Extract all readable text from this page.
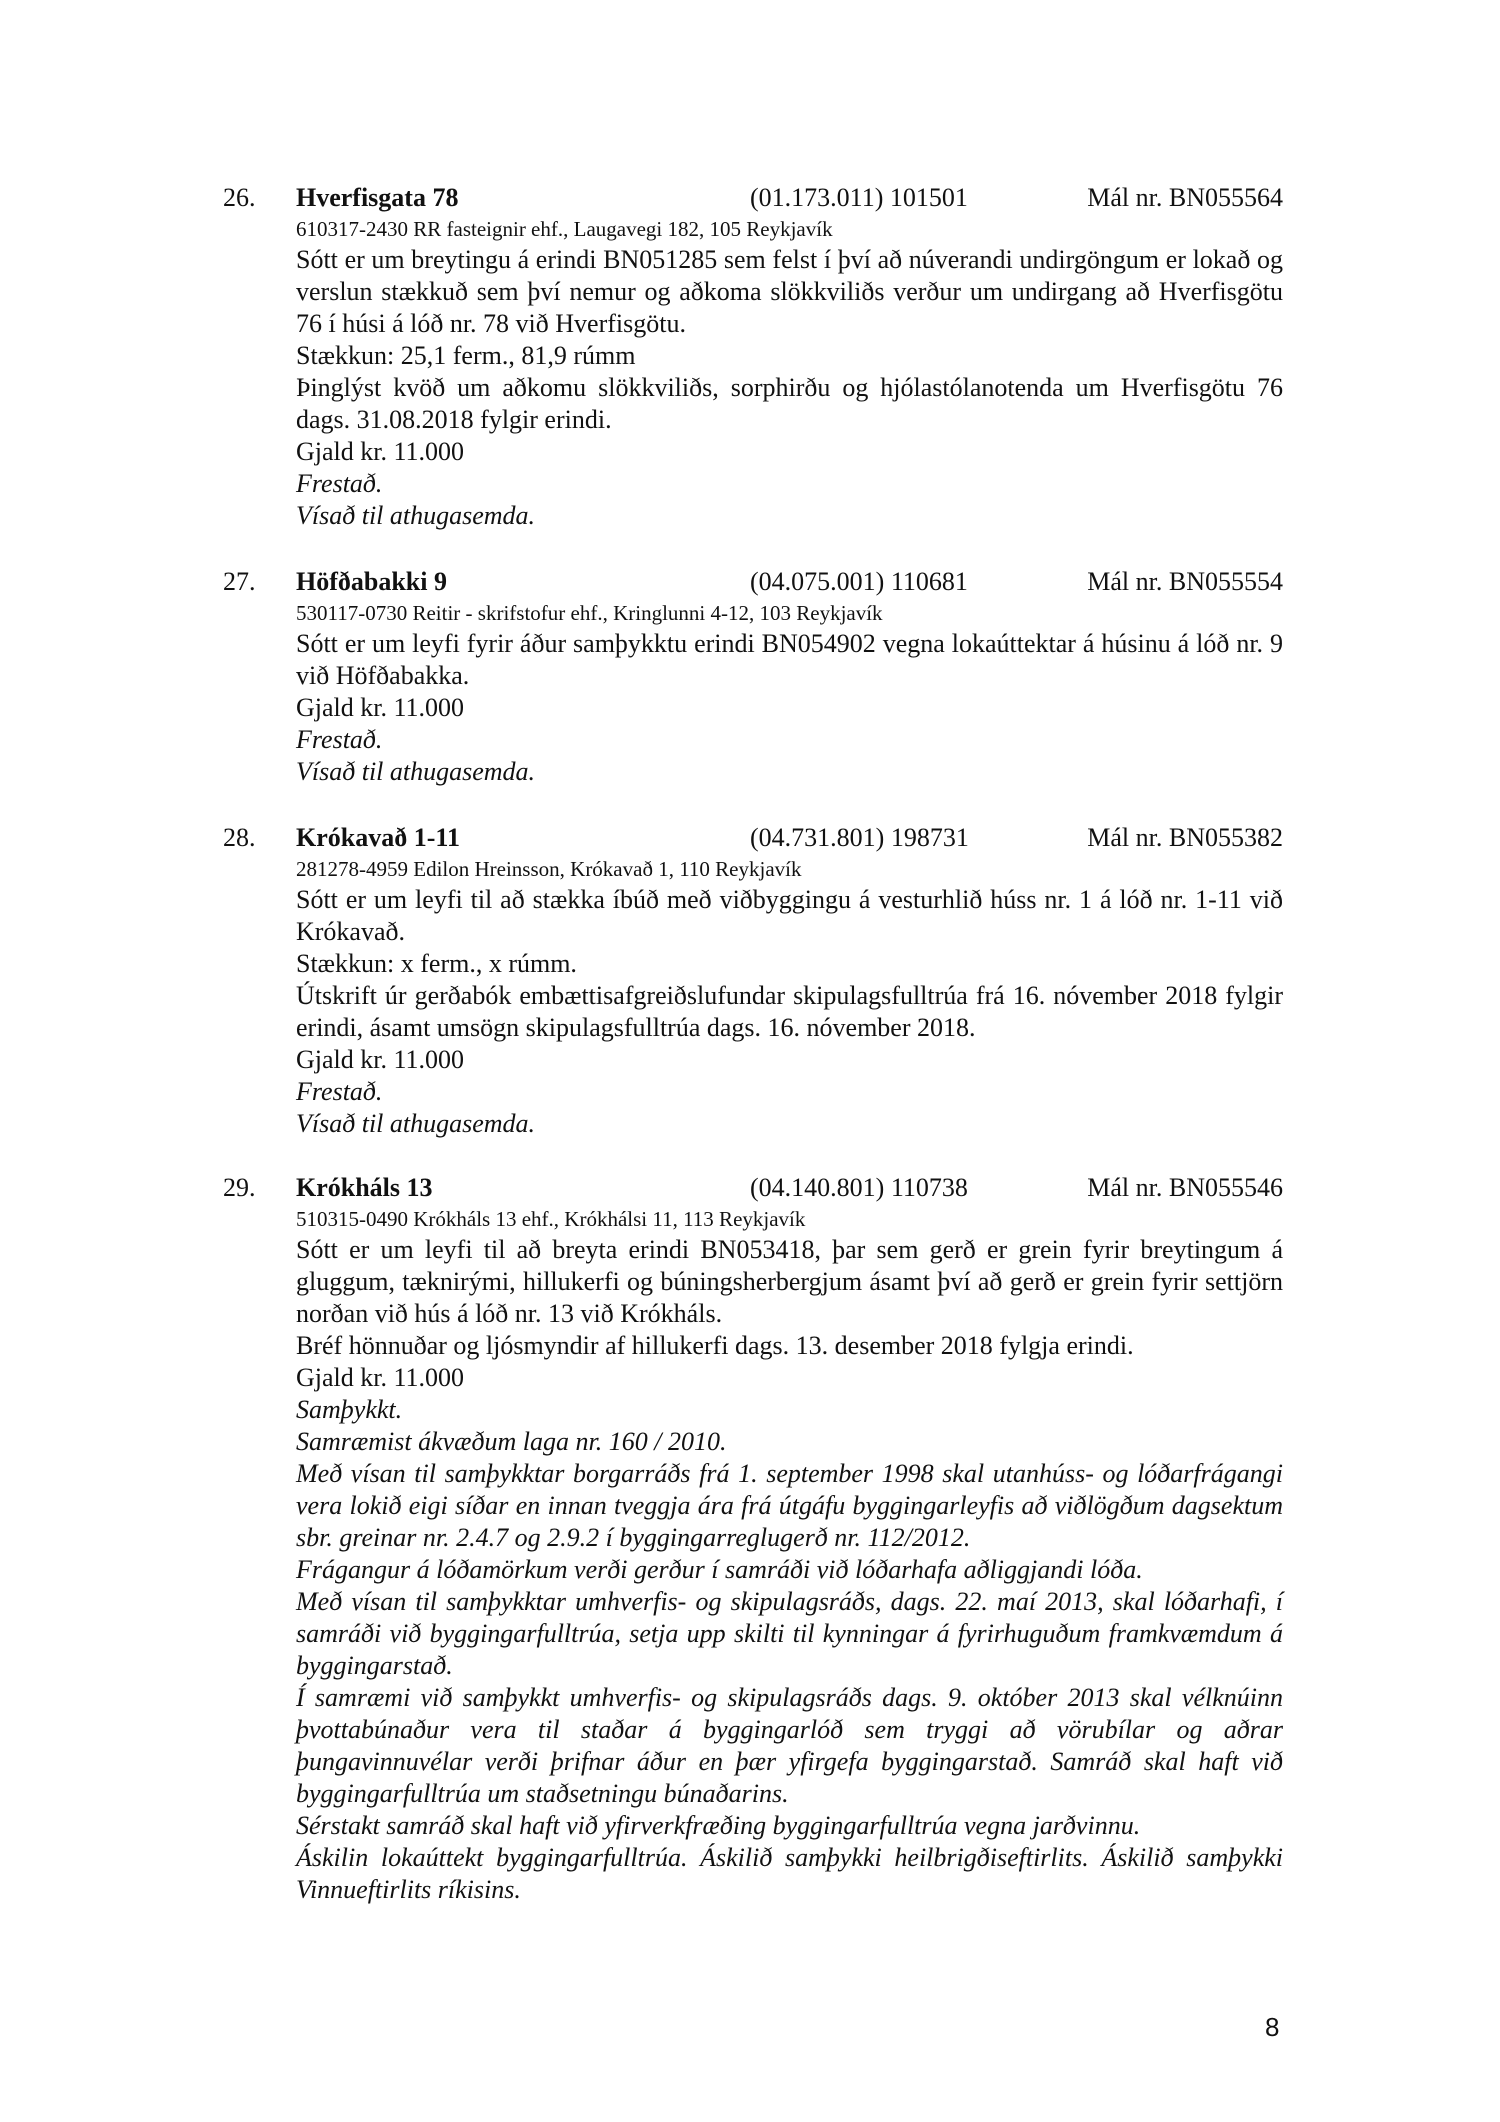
26. Hverfisgata 78	(01.173.011) 101501	Mál nr. BN055564
610317-2430 RR fasteignir ehf., Laugavegi 182, 105 Reykjavík
Sótt er um breytingu á erindi BN051285 sem felst í því að núverandi undirgöngum er lokað og verslun stækkuð sem því nemur og aðkoma slökkviliðs verður um undirgang að Hverfisgötu 76 í húsi á lóð nr. 78 við Hverfisgötu.
Stækkun: 25,1 ferm., 81,9 rúmm
Þinglýst kvöð um aðkomu slökkviliðs, sorphirðu og hjólastólanotenda um Hverfisgötu 76 dags. 31.08.2018 fylgir erindi.
Gjald kr. 11.000
Frestað.
Vísað til athugasemda.
27. Höfðabakki 9	(04.075.001) 110681	Mál nr. BN055554
530117-0730 Reitir - skrifstofur ehf., Kringlunni 4-12, 103 Reykjavík
Sótt er um leyfi fyrir áður samþykktu erindi BN054902 vegna lokaúttektar á húsinu á lóð nr. 9 við Höfðabakka.
Gjald kr. 11.000
Frestað.
Vísað til athugasemda.
28. Krókavað 1-11	(04.731.801) 198731	Mál nr. BN055382
281278-4959 Edilon Hreinsson, Krókavað 1, 110 Reykjavík
Sótt er um leyfi til að stækka íbúð með viðbyggingu á vesturhlið húss nr. 1 á lóð nr. 1-11 við Krókavað.
Stækkun: x ferm., x rúmm.
Útskrift úr gerðabók embættisafgreiðslufundar skipulagsfulltrúa frá 16. nóvember 2018 fylgir erindi, ásamt umsögn skipulagsfulltrúa dags. 16. nóvember 2018.
Gjald kr. 11.000
Frestað.
Vísað til athugasemda.
29. Krókháls 13	(04.140.801) 110738	Mál nr. BN055546
510315-0490 Krókháls 13 ehf., Krókhálsi 11, 113 Reykjavík
Sótt er um leyfi til að breyta erindi BN053418, þar sem gerð er grein fyrir breytingum á gluggum, tæknirými, hillukerfi og búningsherbergjum ásamt því að gerð er grein fyrir settjörn norðan við hús á lóð nr. 13 við Krókháls.
Bréf hönnuðar og ljósmyndir af hillukerfi dags. 13. desember 2018 fylgja erindi.
Gjald kr. 11.000
Samþykkt.
Samræmist ákvæðum laga nr. 160 / 2010.
Með vísan til samþykktar borgarráðs frá 1. september 1998 skal utanhúss- og lóðarfrágangi vera lokið eigi síðar en innan tveggja ára frá útgáfu byggingarleyfis að viðlögðum dagsektum sbr. greinar nr. 2.4.7 og 2.9.2 í byggingarreglugerð nr. 112/2012.
Frágangur á lóðamörkum verði gerður í samráði við lóðarhafa aðliggjandi lóða.
Með vísan til samþykktar umhverfis- og skipulagsráðs, dags. 22. maí 2013, skal lóðarhafi, í samráði við byggingarfulltrúa, setja upp skilti til kynningar á fyrirhuguðum framkvæmdum á byggingarstað.
Í samræmi við samþykkt umhverfis- og skipulagsráðs dags. 9. október 2013 skal vélknúinn þvottabúnaður vera til staðar á byggingarlóð sem tryggi að vörubílar og aðrar þungavinnuvélar verði þrifnar áður en þær yfirgefa byggingarstað. Samráð skal haft við byggingarfulltrúa um staðsetningu búnaðarins.
Sérstakt samráð skal haft við yfirverkfræðing byggingarfulltrúa vegna jarðvinnu.
Áskilin lokaúttekt byggingarfulltrúa. Áskilið samþykki heilbrigðiseftirlits. Áskilið samþykki Vinnueftirlits ríkisins.
8
